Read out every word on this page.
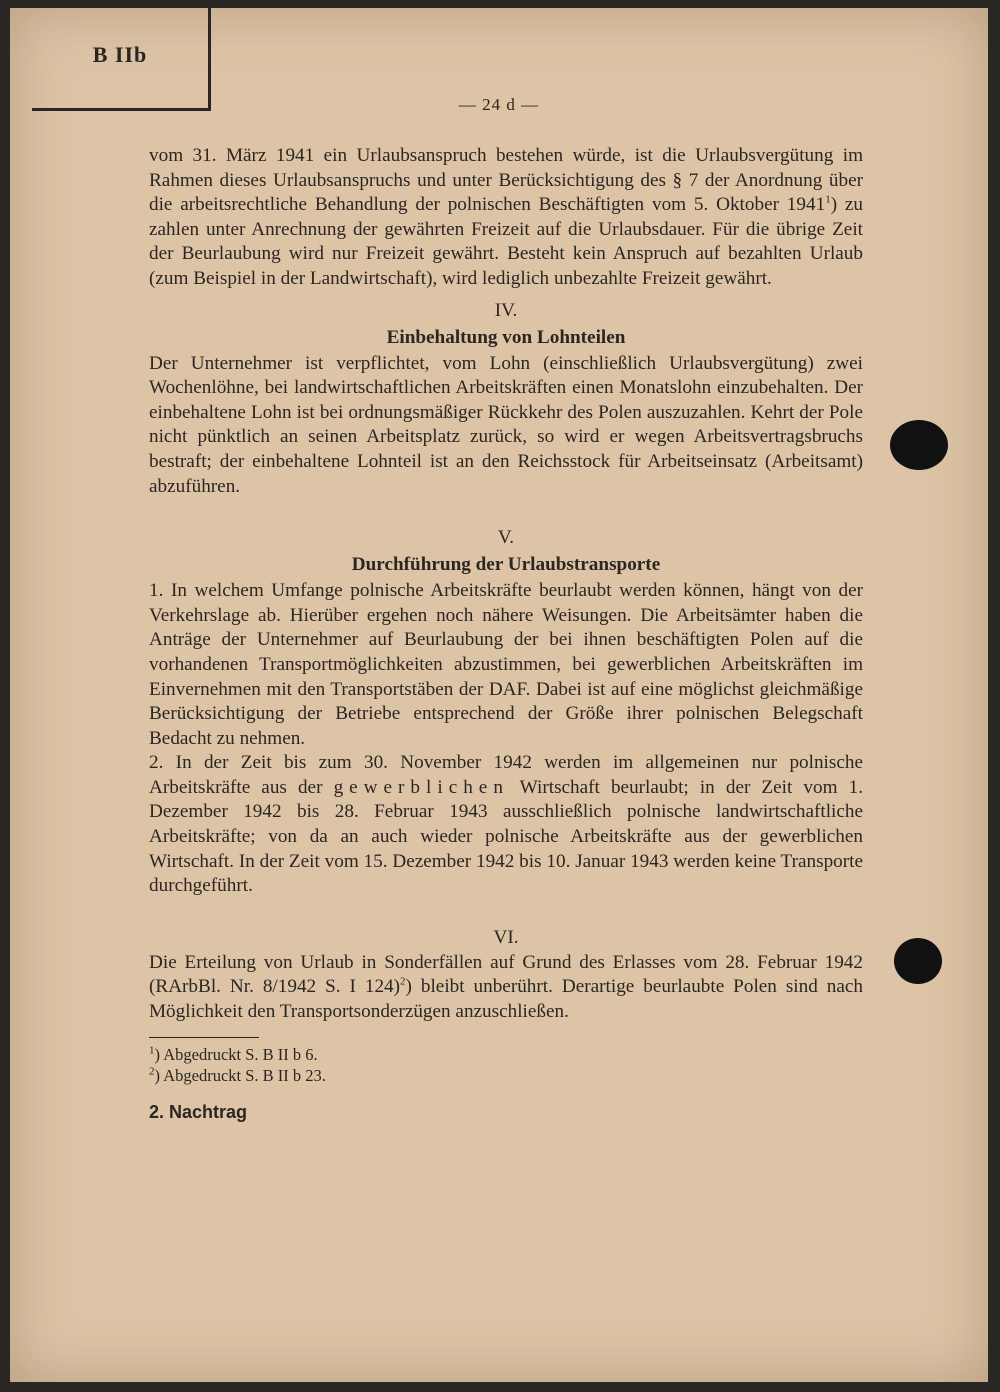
B IIb
— 24 d —

vom 31. März 1941 ein Urlaubsanspruch bestehen würde, ist die Urlaubsvergütung im Rahmen dieses Urlaubsanspruchs und unter Berücksichtigung des § 7 der Anordnung über die arbeitsrechtliche Behandlung der polnischen Beschäftigten vom 5. Oktober 1941$^1$) zu zahlen unter Anrechnung der gewährten Freizeit auf die Urlaubsdauer. Für die übrige Zeit der Beurlaubung wird nur Freizeit gewährt. Besteht kein Anspruch auf bezahlten Urlaub (zum Beispiel in der Landwirtschaft), wird lediglich unbezahlte Freizeit gewährt.

IV.
Einbehaltung von Lohnteilen

Der Unternehmer ist verpflichtet, vom Lohn (einschließlich Urlaubsvergütung) zwei Wochenlöhne, bei landwirtschaftlichen Arbeitskräften einen Monatslohn einzubehalten. Der einbehaltene Lohn ist bei ordnungsmäßiger Rückkehr des Polen auszuzahlen. Kehrt der Pole nicht pünktlich an seinen Arbeitsplatz zurück, so wird er wegen Arbeitsvertragsbruchs bestraft; der einbehaltene Lohnteil ist an den Reichsstock für Arbeitseinsatz (Arbeitsamt) abzuführen.

V.
Durchführung der Urlaubstransporte

1. In welchem Umfange polnische Arbeitskräfte beurlaubt werden können, hängt von der Verkehrslage ab. Hierüber ergehen noch nähere Weisungen. Die Arbeitsämter haben die Anträge der Unternehmer auf Beurlaubung der bei ihnen beschäftigten Polen auf die vorhandenen Transportmöglichkeiten abzustimmen, bei gewerblichen Arbeitskräften im Einvernehmen mit den Transportstäben der DAF. Dabei ist auf eine möglichst gleichmäßige Berücksichtigung der Betriebe entsprechend der Größe ihrer polnischen Belegschaft Bedacht zu nehmen.

2. In der Zeit bis zum 30. November 1942 werden im allgemeinen nur polnische Arbeitskräfte aus der gewerblichen Wirtschaft beurlaubt; in der Zeit vom 1. Dezember 1942 bis 28. Februar 1943 ausschließlich polnische landwirtschaftliche Arbeitskräfte; von da an auch wieder polnische Arbeitskräfte aus der gewerblichen Wirtschaft. In der Zeit vom 15. Dezember 1942 bis 10. Januar 1943 werden keine Transporte durchgeführt.

VI.

Die Erteilung von Urlaub in Sonderfällen auf Grund des Erlasses vom 28. Februar 1942 (RArbBl. Nr. 8/1942 S. I 124)$^2$) bleibt unberührt. Derartige beurlaubte Polen sind nach Möglichkeit den Transportsonderzügen anzuschließen.

$^1$) Abgedruckt S. B II b 6.
$^2$) Abgedruckt S. B II b 23.
2. Nachtrag
